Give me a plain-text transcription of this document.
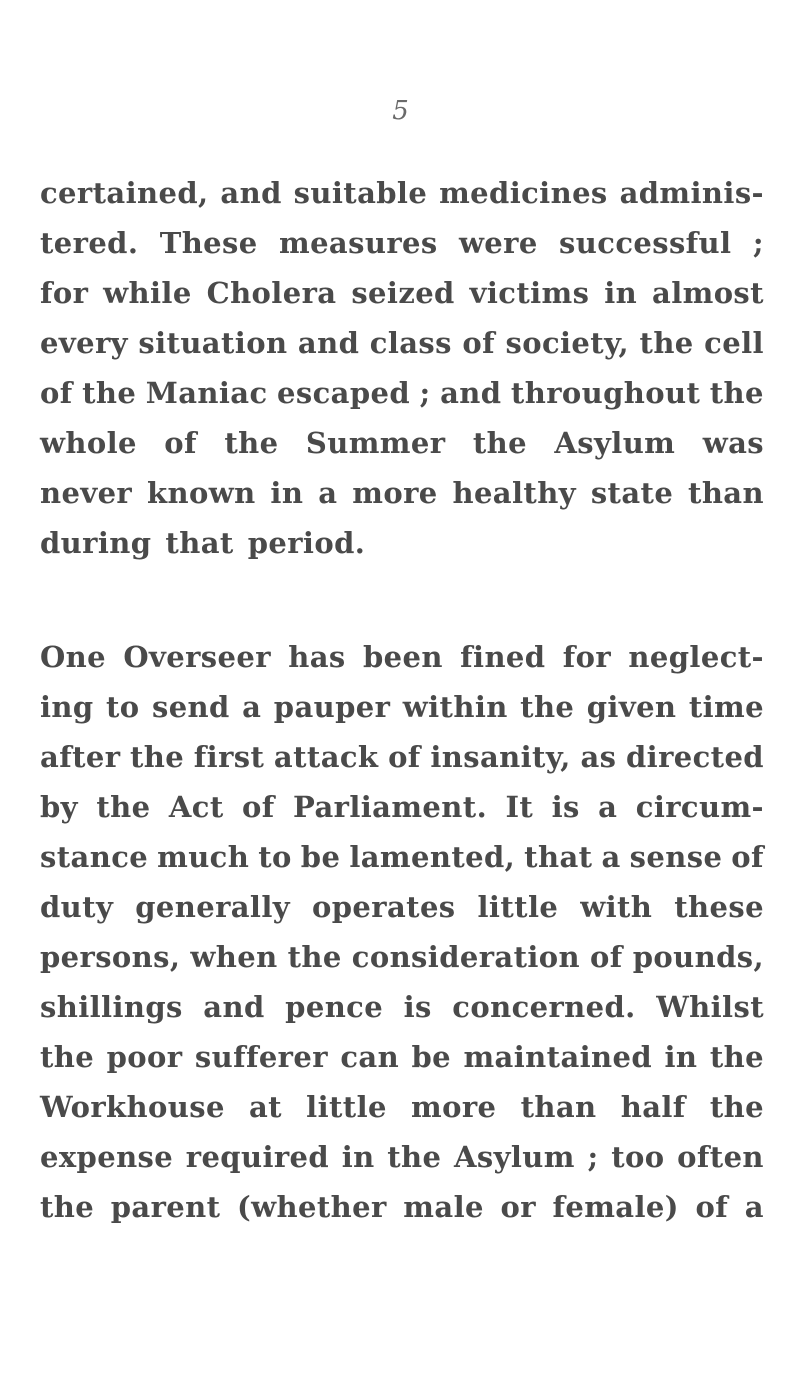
5
certained, and suitable medicines adminis-
tered. These measures were successful ;
for while Cholera seized victims in almost
every situation and class of society, the cell
of the Maniac escaped ; and throughout the
whole of the Summer the Asylum was
never known in a more healthy state than
during that period.
One Overseer has been fined for neglect-
ing to send a pauper within the given time
after the first attack of insanity, as directed
by the Act of Parliament. It is a circum-
stance much to be lamented, that a sense of
duty generally operates little with these
persons, when the consideration of pounds,
shillings and pence is concerned. Whilst
the poor sufferer can be maintained in the
Workhouse at little more than half the
expense required in the Asylum ; too often
the parent (whether male or female) of a
